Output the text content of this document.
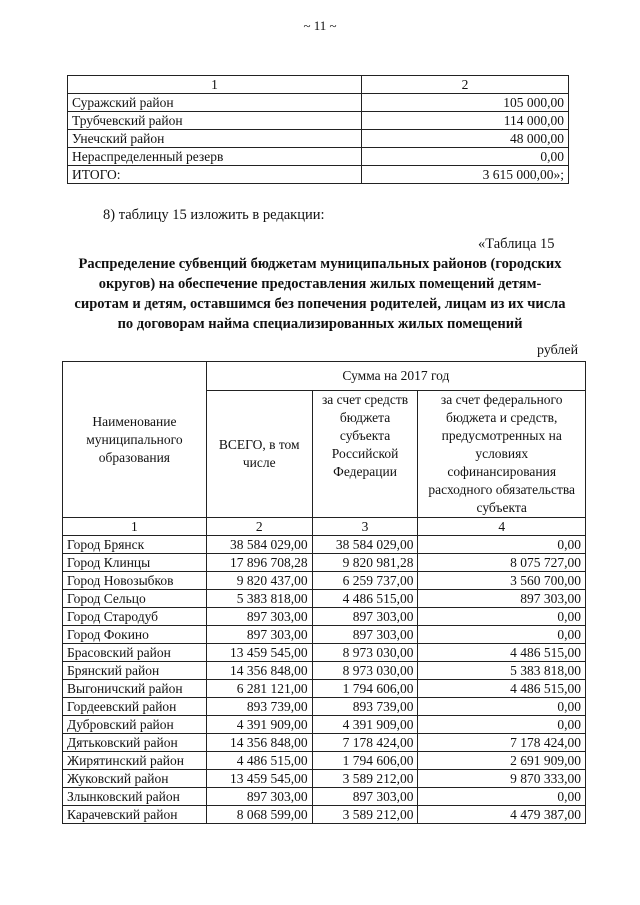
~ 11 ~
1	2
Суражский район	105 000,00
Трубчевский район	114 000,00
Унечский район	48 000,00
Нераспределенный резерв	0,00
ИТОГО:	3 615 000,00»;
8) таблицу 15 изложить в редакции:
«Таблица 15
Распределение субвенций бюджетам муниципальных районов (городских
округов) на обеспечение предоставления жилых помещений детям-
сиротам и детям, оставшимся без попечения родителей, лицам из их числа
по договорам найма специализированных жилых помещений
рублей
Наименование муниципального образования	Сумма на 2017 год		
	ВСЕГО, в том числе	за счет средств бюджета субъекта Российской Федерации	за счет федерального бюджета и средств, предусмотренных на условиях софинансирования расходного обязательства субъекта
1	2	3	4
Город Брянск	38 584 029,00	38 584 029,00	0,00
Город Клинцы	17 896 708,28	9 820 981,28	8 075 727,00
Город Новозыбков	9 820 437,00	6 259 737,00	3 560 700,00
Город Сельцо	5 383 818,00	4 486 515,00	897 303,00
Город Стародуб	897 303,00	897 303,00	0,00
Город Фокино	897 303,00	897 303,00	0,00
Брасовский район	13 459 545,00	8 973 030,00	4 486 515,00
Брянский район	14 356 848,00	8 973 030,00	5 383 818,00
Выгоничский район	6 281 121,00	1 794 606,00	4 486 515,00
Гордеевский район	893 739,00	893 739,00	0,00
Дубровский район	4 391 909,00	4 391 909,00	0,00
Дятьковский район	14 356 848,00	7 178 424,00	7 178 424,00
Жирятинский район	4 486 515,00	1 794 606,00	2 691 909,00
Жуковский район	13 459 545,00	3 589 212,00	9 870 333,00
Злынковский район	897 303,00	897 303,00	0,00
Карачевский район	8 068 599,00	3 589 212,00	4 479 387,00
